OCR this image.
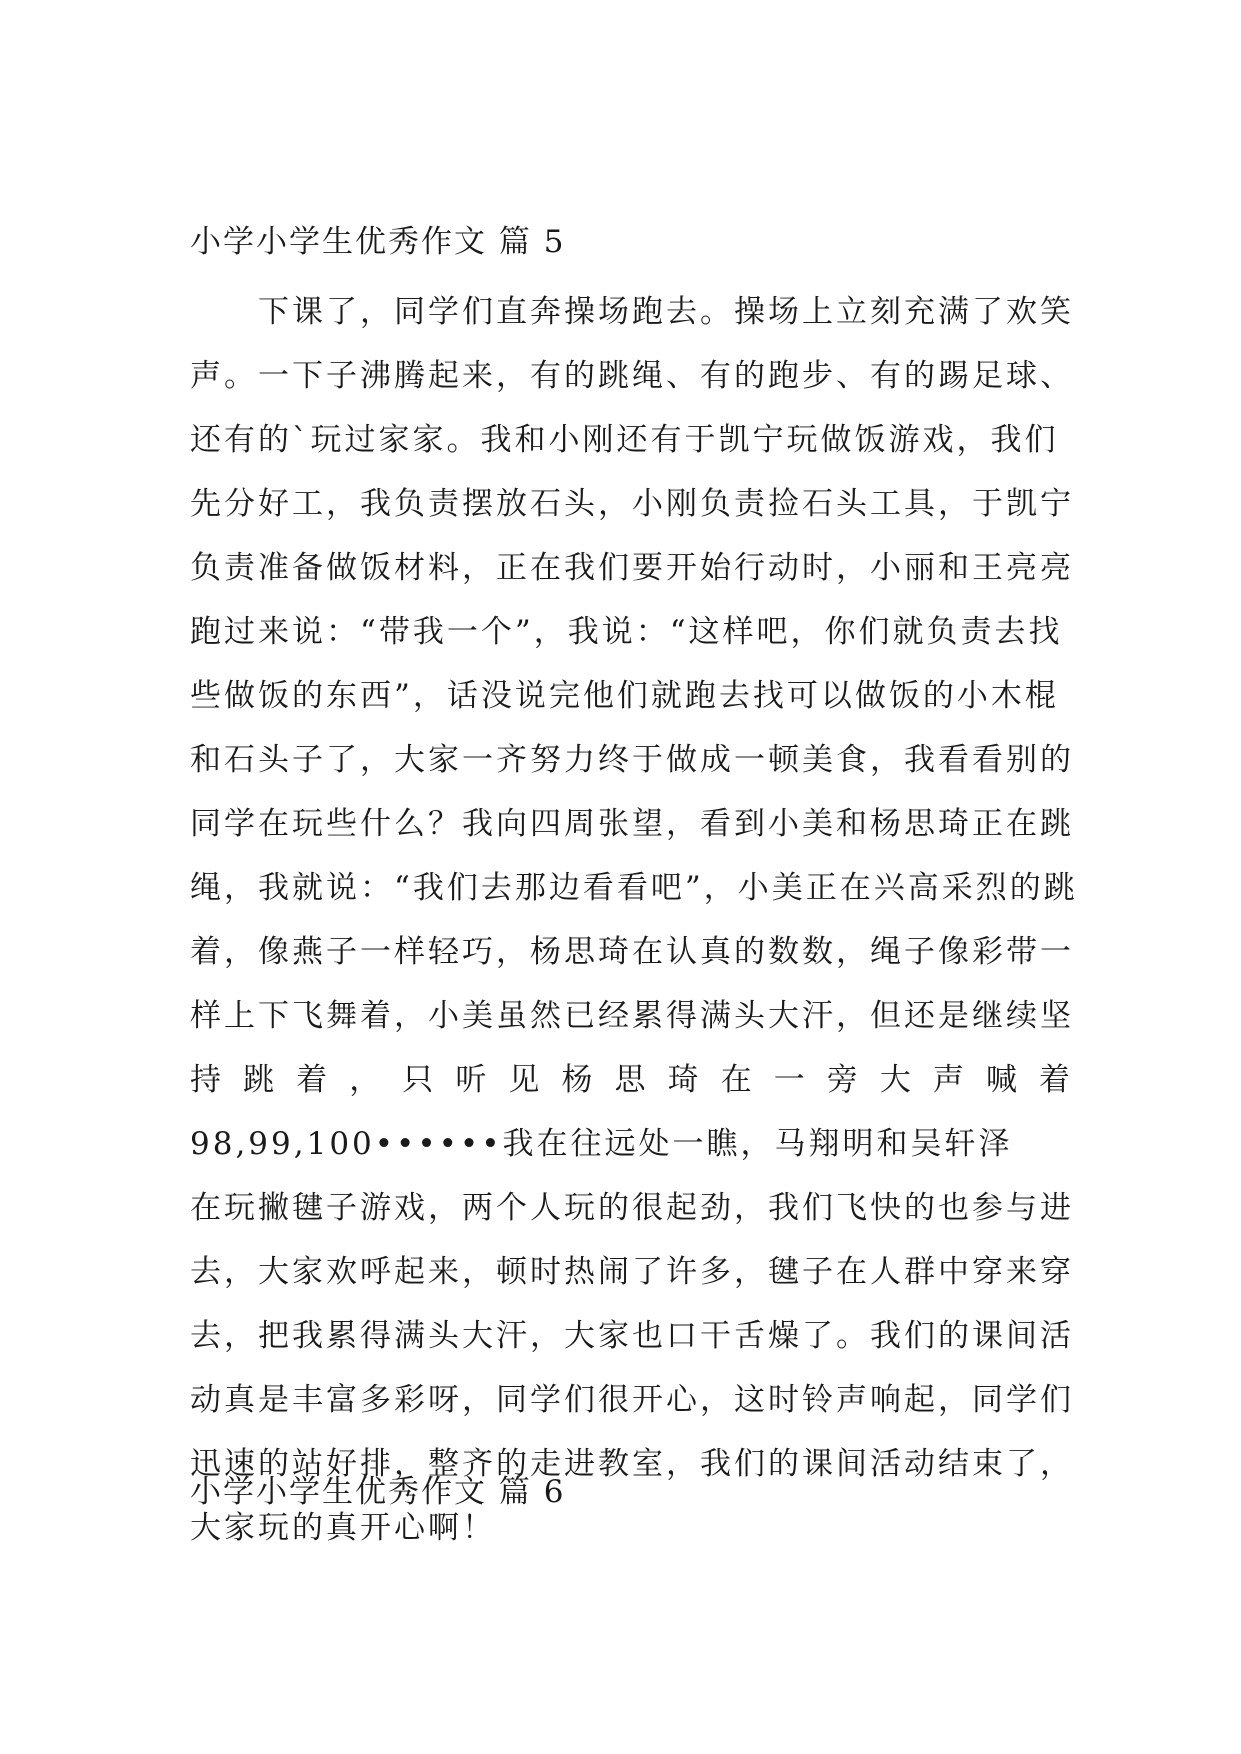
小学小学生优秀作文 篇 5
下课了，同学们直奔操场跑去。操场上立刻充满了欢笑
声。一下子沸腾起来，有的跳绳、有的跑步、有的踢足球、
还有的`玩过家家。我和小刚还有于凯宁玩做饭游戏，我们
先分好工，我负责摆放石头，小刚负责捡石头工具，于凯宁
负责准备做饭材料，正在我们要开始行动时，小丽和王亮亮
跑过来说：“带我一个”，我说：“这样吧，你们就负责去找
些做饭的东西”，话没说完他们就跑去找可以做饭的小木棍
和石头子了，大家一齐努力终于做成一顿美食，我看看别的
同学在玩些什么？我向四周张望，看到小美和杨思琦正在跳
绳，我就说：“我们去那边看看吧”，小美正在兴高采烈的跳
着，像燕子一样轻巧，杨思琦在认真的数数，绳子像彩带一
样上下飞舞着，小美虽然已经累得满头大汗，但还是继续坚
持 跳 着 ， 只 听 见 杨 思 琦 在 一 旁 大 声 喊 着
98,99,100••••••我在往远处一瞧，马翔明和吴轩泽
在玩撇毽子游戏，两个人玩的很起劲，我们飞快的也参与进
去，大家欢呼起来，顿时热闹了许多，毽子在人群中穿来穿
去，把我累得满头大汗，大家也口干舌燥了。我们的课间活
动真是丰富多彩呀，同学们很开心，这时铃声响起，同学们
迅速的站好排，整齐的走进教室，我们的课间活动结束了，
大家玩的真开心啊！
小学小学生优秀作文 篇 6
